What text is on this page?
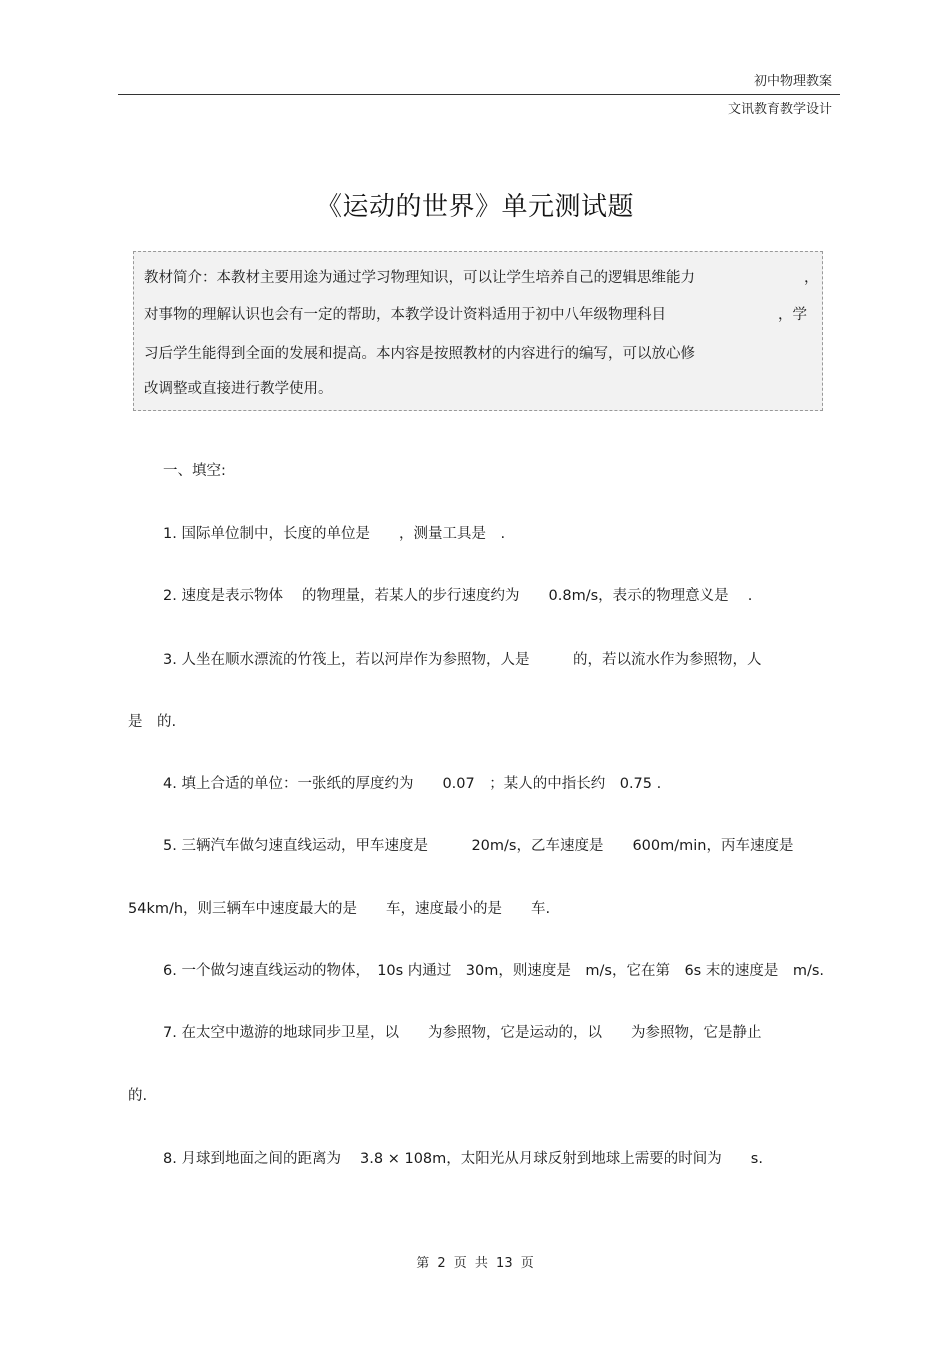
初中物理教案
文讯教育教学设计
《运动的世界》单元测试题
教材简介：本教材主要用途为通过学习物理知识，可以让学生培养自己的逻辑思维能力	，
对事物的理解认识也会有一定的帮助，本教学设计资料适用于初中八年级物理科目	，学
习后学生能得到全面的发展和提高。本内容是按照教材的内容进行的编写，可以放心修
改调整或直接进行教学使用。
一、填空:
1. 国际单位制中，长度的单位是　　，测量工具是　.
2. 速度是表示物体　 的物理量，若某人的步行速度约为　　0.8m/s，表示的物理意义是　 .
3. 人坐在顺水漂流的竹筏上，若以河岸作为参照物，人是　　　的，若以流水作为参照物，人
是　的.
4. 填上合适的单位：一张纸的厚度约为　　0.07　；某人的中指长约　0.75 .
5. 三辆汽车做匀速直线运动，甲车速度是　　　20m/s，乙车速度是　　600m/min，丙车速度是
54km/h，则三辆车中速度最大的是　　车，速度最小的是　　车.
6. 一个做匀速直线运动的物体，　10s 内通过　30m，则速度是　m/s，它在第　6s 末的速度是　m/s.
7. 在太空中遨游的地球同步卫星，以　　为参照物，它是运动的，以　　为参照物，它是静止
的.
8. 月球到地面之间的距离为　 3.8 × 108m，太阳光从月球反射到地球上需要的时间为　　s.
第 2 页 共 13 页
